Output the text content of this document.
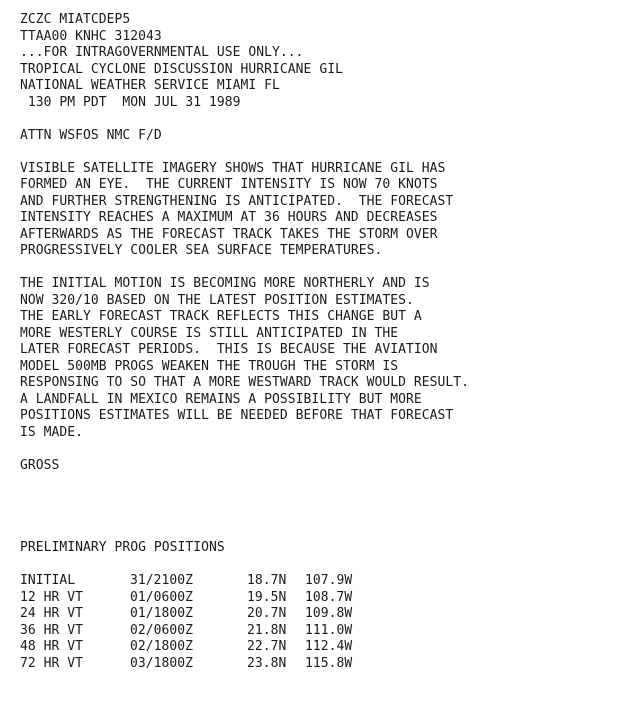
ZCZC MIATCDEP5
TTAA00 KNHC 312043
...FOR INTRAGOVERNMENTAL USE ONLY...
TROPICAL CYCLONE DISCUSSION HURRICANE GIL
NATIONAL WEATHER SERVICE MIAMI FL
130 PM PDT  MON JUL 31 1989
ATTN WSFOS NMC F/D
VISIBLE SATELLITE IMAGERY SHOWS THAT HURRICANE GIL HAS
FORMED AN EYE.  THE CURRENT INTENSITY IS NOW 70 KNOTS
AND FURTHER STRENGTHENING IS ANTICIPATED.  THE FORECAST
INTENSITY REACHES A MAXIMUM AT 36 HOURS AND DECREASES
AFTERWARDS AS THE FORECAST TRACK TAKES THE STORM OVER
PROGRESSIVELY COOLER SEA SURFACE TEMPERATURES.
THE INITIAL MOTION IS BECOMING MORE NORTHERLY AND IS
NOW 320/10 BASED ON THE LATEST POSITION ESTIMATES.
THE EARLY FORECAST TRACK REFLECTS THIS CHANGE BUT A
MORE WESTERLY COURSE IS STILL ANTICIPATED IN THE
LATER FORECAST PERIODS.  THIS IS BECAUSE THE AVIATION
MODEL 500MB PROGS WEAKEN THE TROUGH THE STORM IS
RESPONSING TO SO THAT A MORE WESTWARD TRACK WOULD RESULT.
A LANDFALL IN MEXICO REMAINS A POSSIBILITY BUT MORE
POSITIONS ESTIMATES WILL BE NEEDED BEFORE THAT FORECAST
IS MADE.
GROSS
PRELIMINARY PROG POSITIONS
INITIAL	31/2100Z	18.7N	107.9W
12 HR VT	01/0600Z	19.5N	108.7W
24 HR VT	01/1800Z	20.7N	109.8W
36 HR VT	02/0600Z	21.8N	111.0W
48 HR VT	02/1800Z	22.7N	112.4W
72 HR VT	03/1800Z	23.8N	115.8W
